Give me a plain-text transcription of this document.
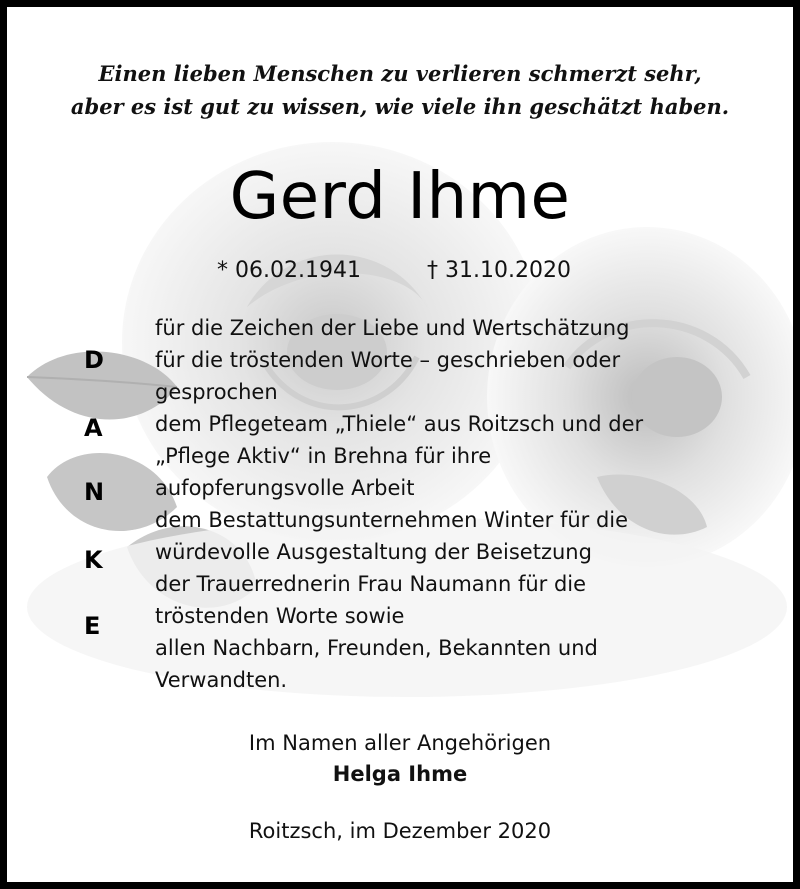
Einen lieben Menschen zu verlieren schmerzt sehr,
aber es ist gut zu wissen, wie viele ihn geschätzt haben.
Gerd Ihme
* 06.02.1941	† 31.10.2020
D
A
N
K
E

für die Zeichen der Liebe und Wertschätzung

für die tröstenden Worte – geschrieben oder gesprochen

dem Pflegeteam „Thiele“ aus Roitzsch und der „Pflege Aktiv“ in Brehna für ihre aufopferungsvolle Arbeit

dem Bestattungsunternehmen Winter für die würdevolle Ausgestaltung der Beisetzung

der Trauerrednerin Frau Naumann für die tröstenden Worte sowie

allen Nachbarn, Freunden, Bekannten und Verwandten.

Im Namen aller Angehörigen
Helga Ihme
Roitzsch, im Dezember 2020
